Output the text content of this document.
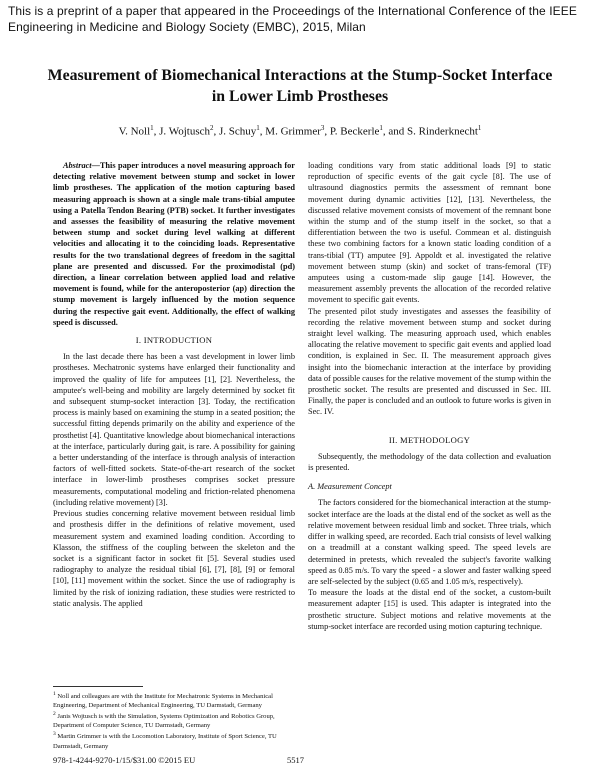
This is a preprint of a paper that appeared in the Proceedings of the International Conference of the IEEE Engineering in Medicine and Biology Society (EMBC), 2015, Milan
Measurement of Biomechanical Interactions at the Stump-Socket Interface in Lower Limb Prostheses
V. Noll$^1$, J. Wojtusch$^2$, J. Schuy$^1$, M. Grimmer$^3$, P. Beckerle$^1$, and S. Rinderknecht$^1$

Abstract—This paper introduces a novel measuring approach for detecting relative movement between stump and socket in lower limb prostheses. The application of the motion capturing based measuring approach is shown at a single male trans-tibial amputee using a Patella Tendon Bearing (PTB) socket. It further investigates and assesses the feasibility of measuring the relative movement between stump and socket during level walking at different velocities and allocating it to the coinciding loads. Representative results for the two translational degrees of freedom in the sagittal plane are presented and discussed. For the proximodistal (pd) direction, a linear correlation between applied load and relative movement is found, while for the anteroposterior (ap) direction the stump movement is largely influenced by the motion sequence during the respective gait event. Additionally, the effect of walking speed is discussed.

I. INTRODUCTION

In the last decade there has been a vast development in lower limb prostheses. Mechatronic systems have enlarged their functionality and improved the quality of life for amputees [1], [2]. Nevertheless, the amputee's well-being and mobility are largely determined by socket fit and subsequent stump-socket interaction [3]. Today, the rectification process is mainly based on examining the stump in a seated position; the successful fitting depends primarily on the ability and experience of the prosthetist [4]. Quantitative knowledge about biomechanical interactions at the interface, particularly during gait, is rare. A possibility for gaining a better understanding of the interface is through analysis of interaction factors of well-fitted sockets. State-of-the-art research of the socket interface in lower-limb prostheses comprises socket pressure measurements, computational modeling and friction-related phenomena (including relative movement) [3].

Previous studies concerning relative movement between residual limb and prosthesis differ in the definitions of relative movement, used measurement system and examined loading condition. According to Klasson, the stiffness of the coupling between the skeleton and the socket is a significant factor in socket fit [5]. Several studies used radiography to analyze the residual tibial [6], [7], [8], [9] or femoral [10], [11] movement within the socket. Since the use of radiography is limited by the risk of ionizing radiation, these studies were restricted to static analysis. The applied

loading conditions vary from static additional loads [9] to static reproduction of specific events of the gait cycle [8]. The use of ultrasound diagnostics permits the assessment of remnant bone movement during dynamic activities [12], [13]. Nevertheless, the discussed relative movement consists of movement of the remnant bone within the stump and of the stump itself in the socket, so that a differentiation between the two is useful. Commean et al. distinguish these two combining factors for a known static loading condition of a trans-tibial (TT) amputee [9]. Appoldt et al. investigated the relative movement between stump (skin) and socket of trans-femoral (TF) amputees using a custom-made slip gauge [14]. However, the measurement assembly prevents the allocation of the recorded relative movement to specific gait events.

The presented pilot study investigates and assesses the feasibility of recording the relative movement between stump and socket during straight level walking. The measuring approach used, which enables allocating the relative movement to specific gait events and applied load condition, is explained in Sec. II. The measurement approach gives insight into the biomechanic interaction at the interface by providing data of possible causes for the relative movement of the stump within the prosthetic socket. The results are presented and discussed in Sec. III. Finally, the paper is concluded and an outlook to future works is given in Sec. IV.

II. METHODOLOGY

Subsequently, the methodology of the data collection and evaluation is presented.

A. Measurement Concept

The factors considered for the biomechanical interaction at the stump-socket interface are the loads at the distal end of the socket as well as the relative movement between residual limb and socket. Three trials, which differ in walking speed, are recorded. Each trial consists of level walking on a treadmill at a constant walking speed. The speed levels are determined in pretests, which revealed the subject's favorite walking speed as 0.85 m/s. To vary the speed - a slower and faster walking speed are self-selected by the subject (0.65 and 1.05 m/s, respectively).

To measure the loads at the distal end of the socket, a custom-built measurement adapter [15] is used. This adapter is integrated into the prosthetic structure. Subject motions and relative movements at the stump-socket interface are recorded using motion capturing technique.

$^1$ Noll and colleagues are with the Institute for Mechatronic Systems in Mechanical Engineering, Department of Mechanical Engineering, TU Darmstadt, Germany

$^2$ Janis Wojtusch is with the Simulation, Systems Optimization and Robotics Group, Department of Computer Science, TU Darmstadt, Germany

$^3$ Martin Grimmer is with the Locomotion Laboratory, Institute of Sport Science, TU Darmstadt, Germany

978-1-4244-9270-1/15/$31.00 ©2015 EU	5517
